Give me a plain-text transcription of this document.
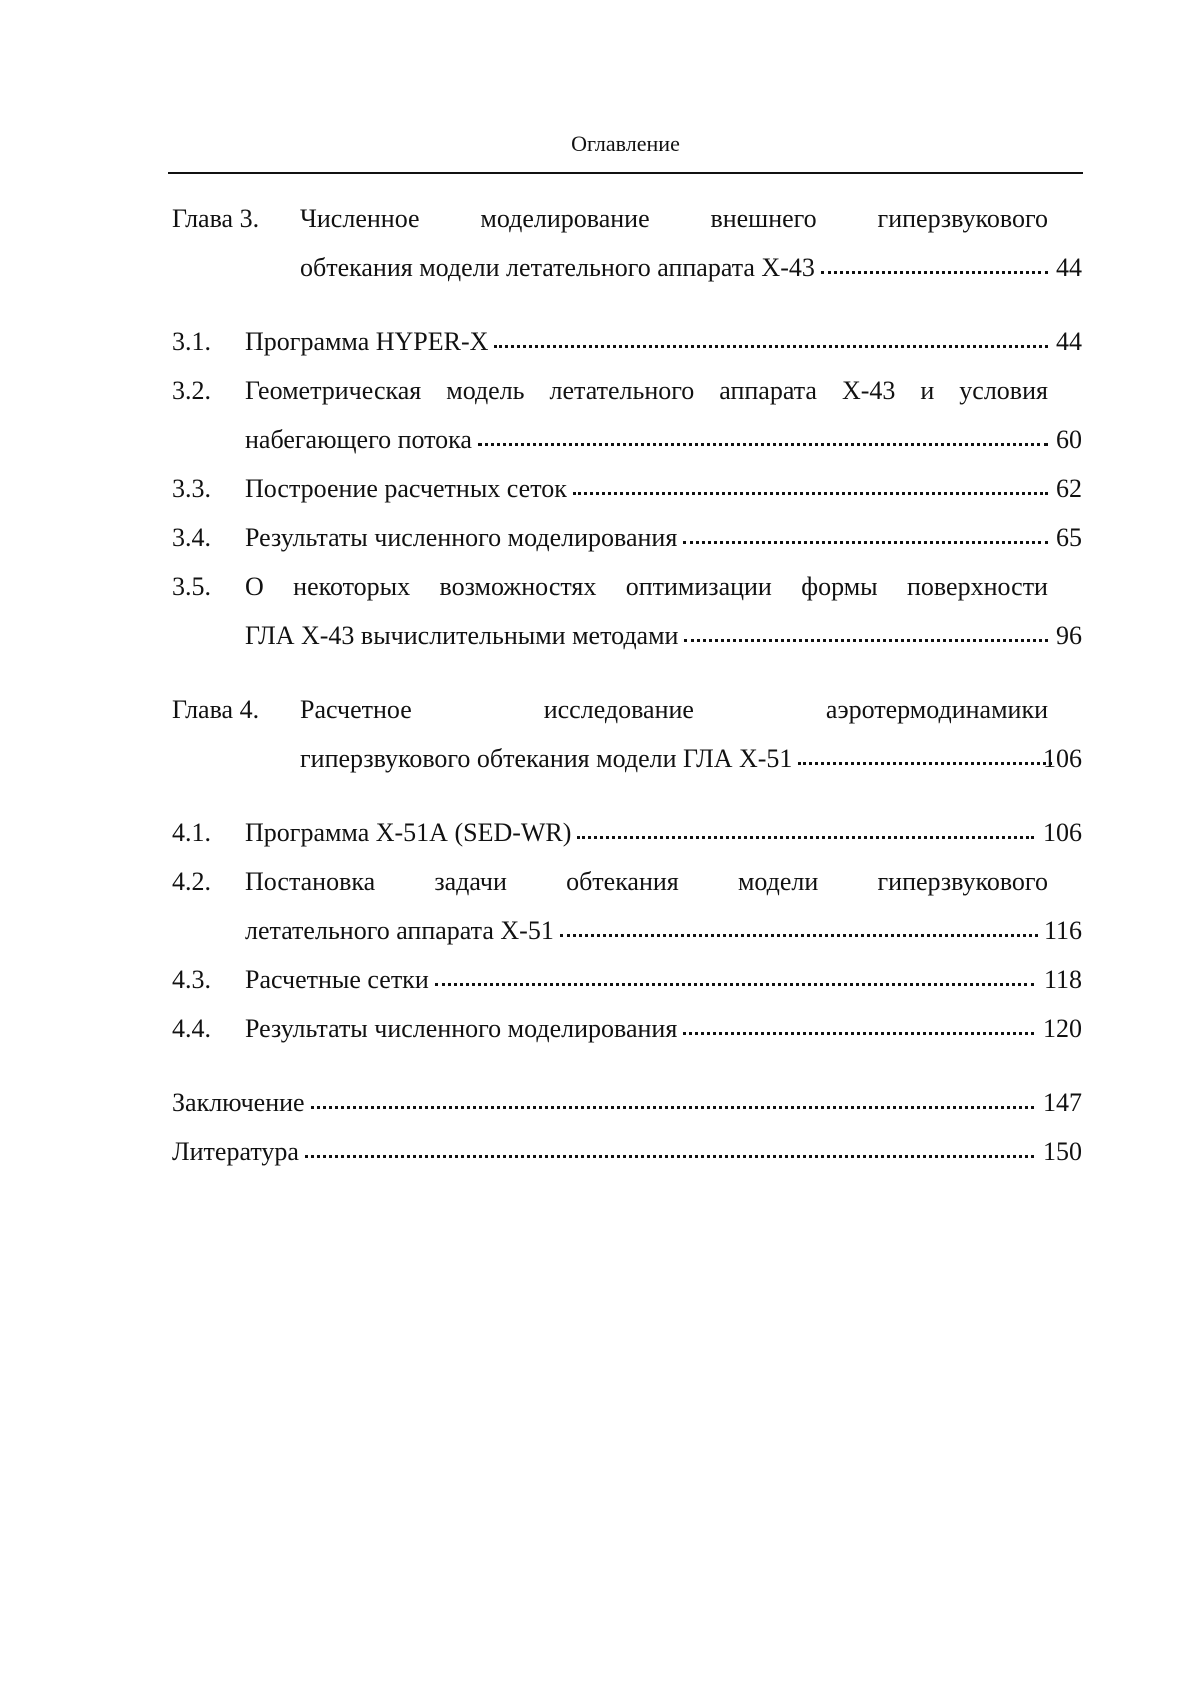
Оглавление
Глава 3. Численное моделирование внешнего гиперзвукового
обтекания модели летательного аппарата Х-43	44
3.1. Программа HYPER-X	44
3.2. Геометрическая модель летательного аппарата Х-43 и условия
набегающего потока	60
3.3. Построение расчетных сеток	62
3.4. Результаты численного моделирования	65
3.5. О некоторых возможностях оптимизации формы поверхности
ГЛА Х-43 вычислительными методами	96
Глава 4. Расчетное	исследование	аэротермодинамики
гиперзвукового обтекания модели ГЛА Х-51	106
4.1. Программа Х-51А (SED-WR)	106
4.2. Постановка задачи обтекания модели гиперзвукового
летательного аппарата Х-51	116
4.3. Расчетные сетки	118
4.4. Результаты численного моделирования	120
Заключение	147
Литература	150
